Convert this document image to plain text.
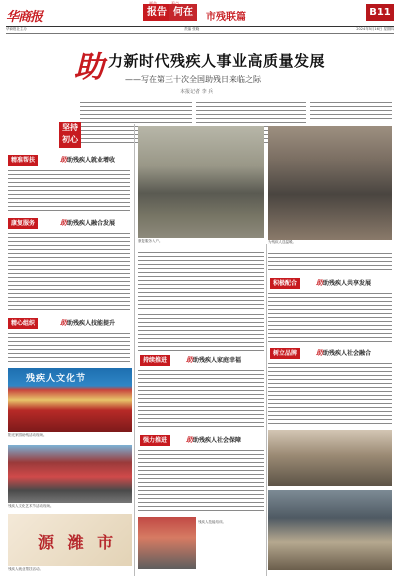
华商报	报告 何在	市残联篇	B11
华商报社主办	责编 张晓	2024年5月16日 星期四
助 力新时代残疾人事业高质量发展
——写在第三十次全国助残日来临之际
本报记者 李 兵
坚持初心
精准帮扶	助助残疾人就业增收
康复服务	助助残疾人融合发展
精心组织	助助残疾人技能提升
残疾人文化节
阳光家园助残活动现场。
残疾人文化艺术节活动现场。
源 潍 市
残疾人就业帮扶活动。
康复服务入户。
持续推进	助助残疾人家庭幸福
强力推进	助助残疾人社会保障
残疾人技能培训。
为残疾人送温暖。
积极配合	助助残疾人共享发展
树立品牌	助助残疾人社会融合
